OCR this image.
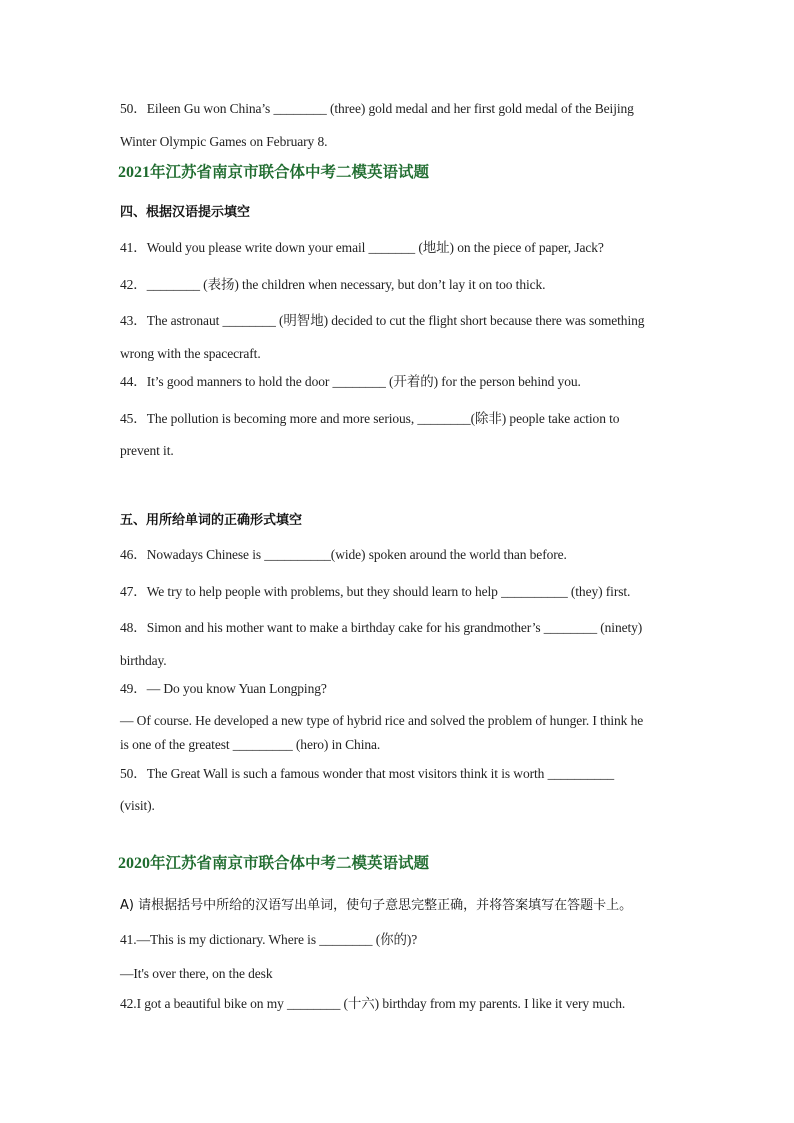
50．Eileen Gu won China’s ________ (three) gold medal and her first gold medal of the Beijing
Winter Olympic Games on February 8.
2021年江苏省南京市联合体中考二模英语试题
四、根据汉语提示填空
41．Would you please write down your email _______ (地址) on the piece of paper, Jack?
42．________ (表扬) the children when necessary, but don’t lay it on too thick.
43．The astronaut ________ (明智地) decided to cut the flight short because there was something
wrong with the spacecraft.
44．It’s good manners to hold the door ________ (开着的) for the person behind you.
45．The pollution is becoming more and more serious, ________(除非) people take action to
prevent it.
五、用所给单词的正确形式填空
46．Nowadays Chinese is __________(wide) spoken around the world than before.
47．We try to help people with problems, but they should learn to help __________ (they) first.
48．Simon and his mother want to make a birthday cake for his grandmother’s ________ (ninety)
birthday.
49．— Do you know Yuan Longping?
— Of course. He developed a new type of hybrid rice and solved the problem of hunger. I think he
is one of the greatest _________ (hero) in China.
50．The Great Wall is such a famous wonder that most visitors think it is worth __________
(visit).
2020年江苏省南京市联合体中考二模英语试题
A) 请根据括号中所给的汉语写出单词，使句子意思完整正确，并将答案填写在答题卡上。
41.—This is my dictionary. Where is ________ (你的)?
—It's over there, on the desk
42.I got a beautiful bike on my ________ (十六) birthday from my parents. I like it very much.
